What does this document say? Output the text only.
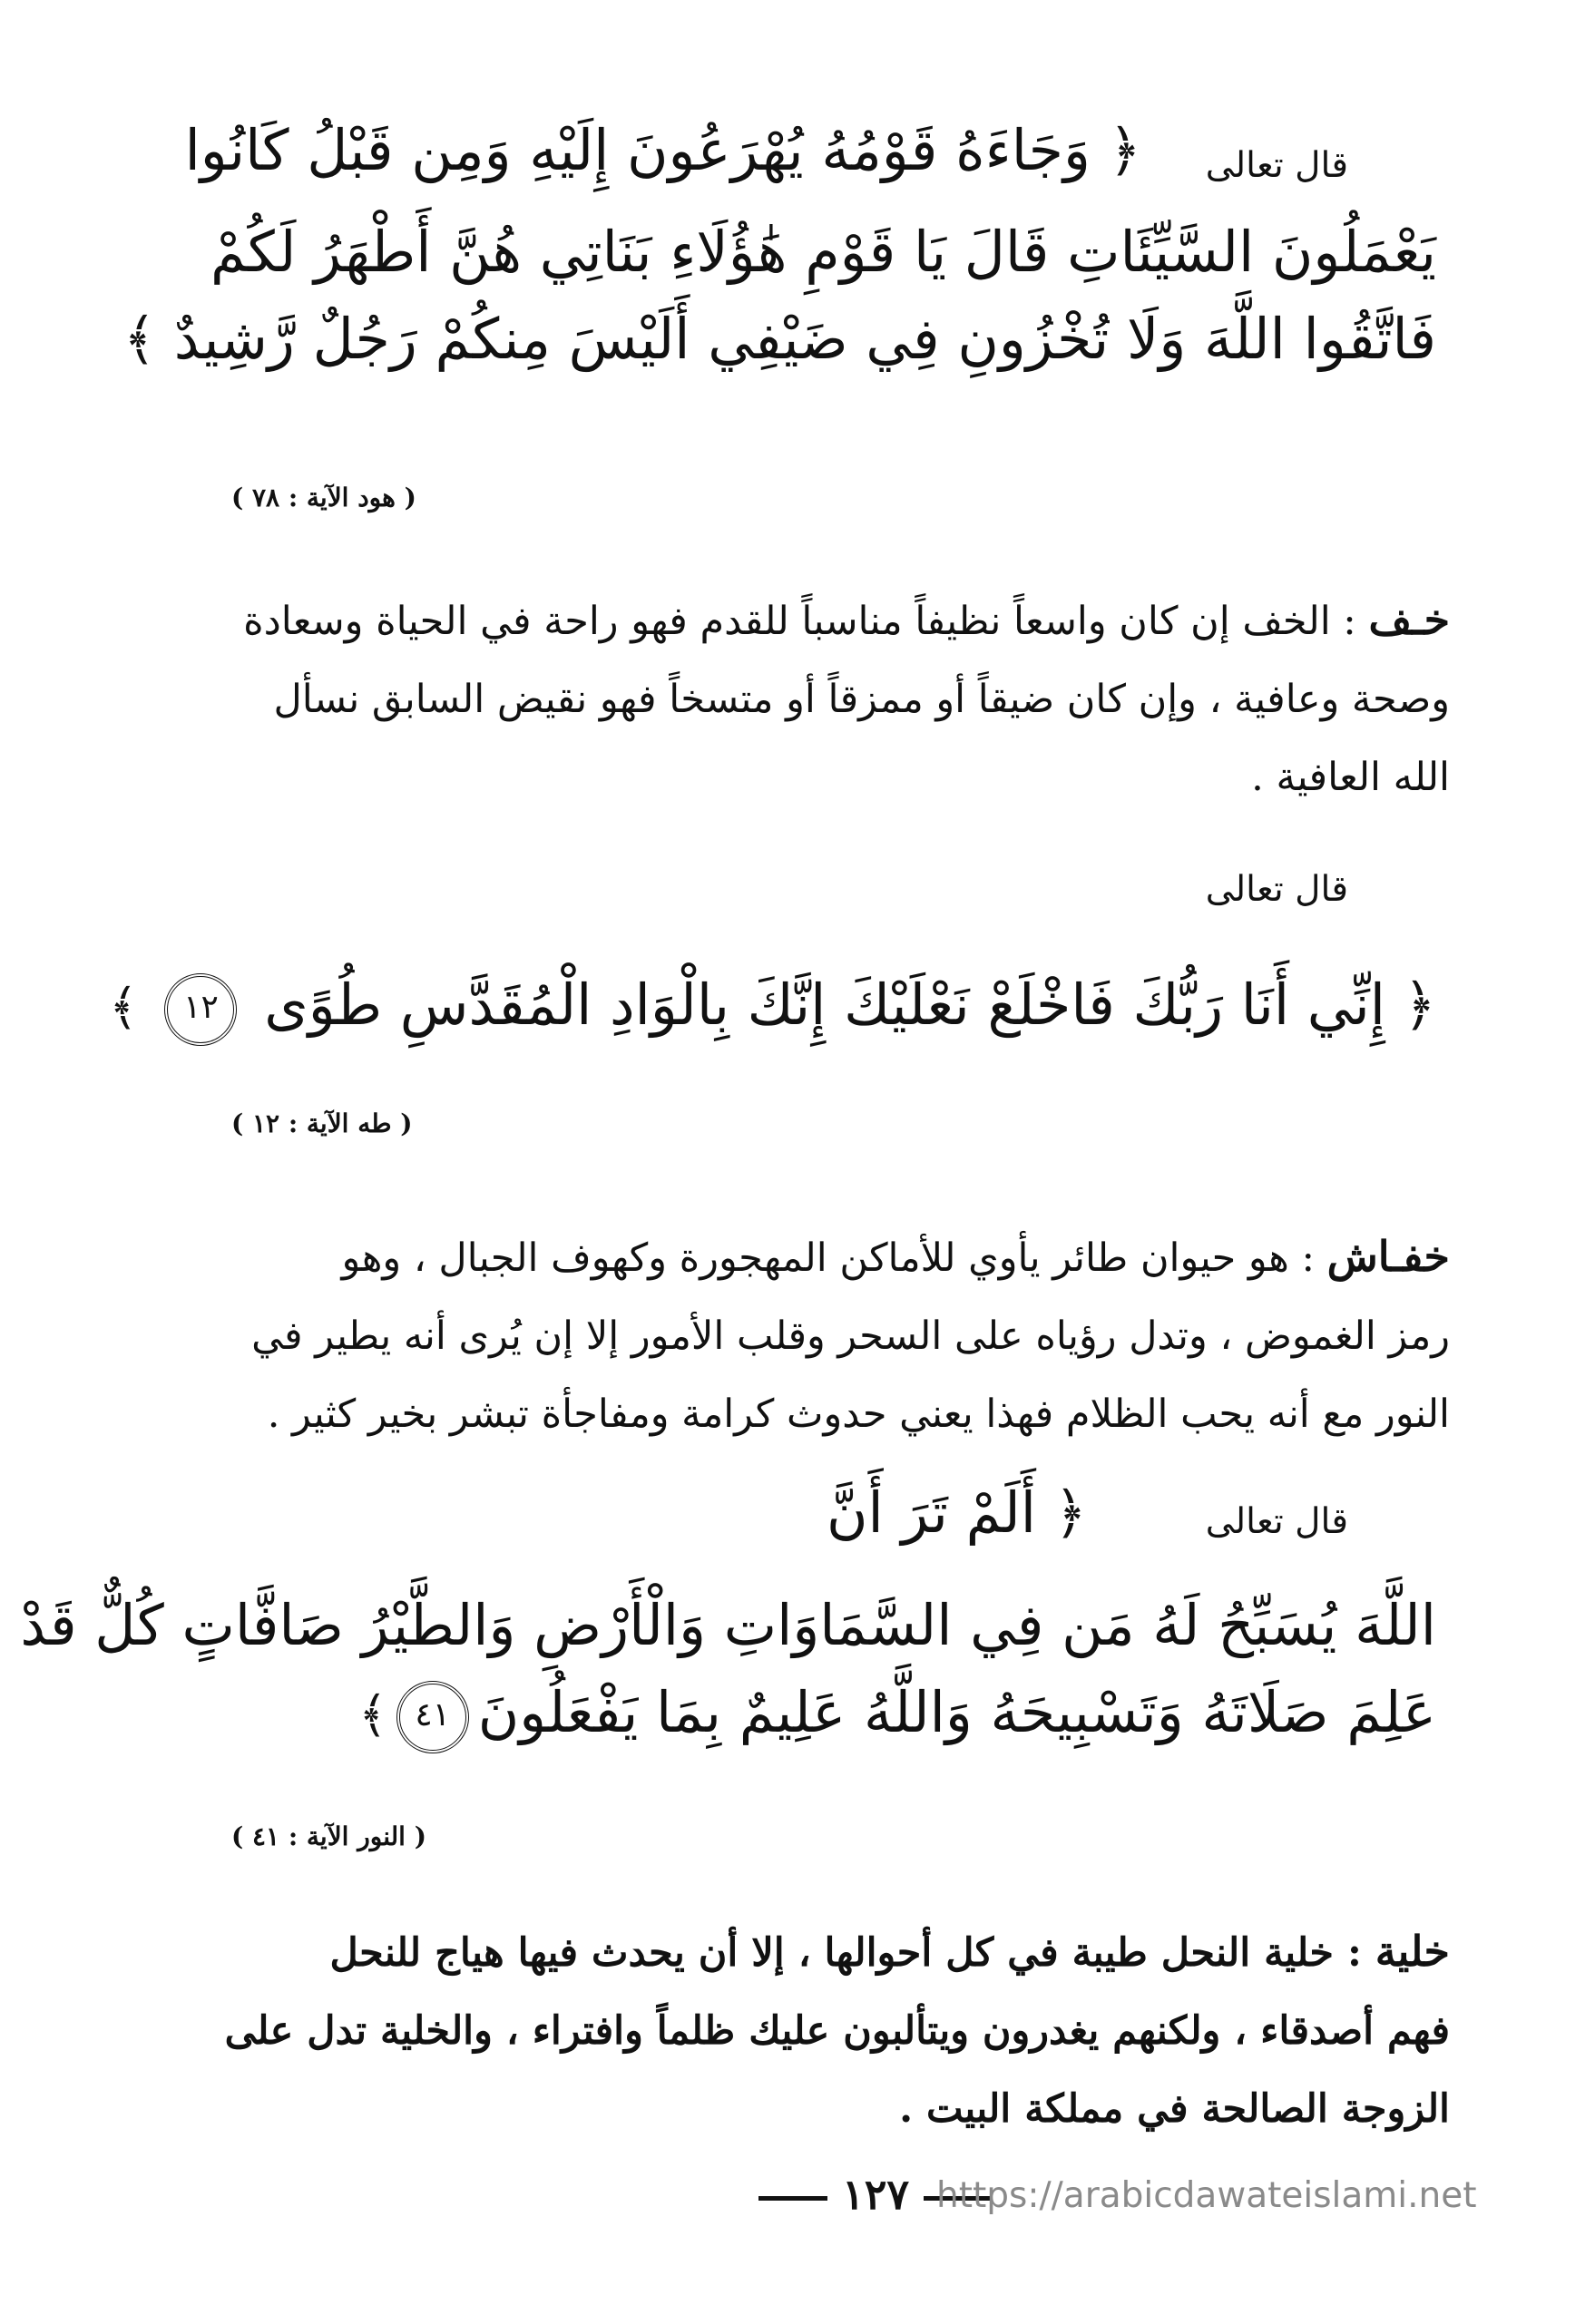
قال تعالى
﴿ وَجَاءَهُ قَوْمُهُ يُهْرَعُونَ إِلَيْهِ وَمِن قَبْلُ كَانُوا
يَعْمَلُونَ السَّيِّئَاتِ قَالَ يَا قَوْمِ هَٰؤُلَاءِ بَنَاتِي هُنَّ أَطْهَرُ لَكُمْ
فَاتَّقُوا اللَّهَ وَلَا تُخْزُونِ فِي ضَيْفِي أَلَيْسَ مِنكُمْ رَجُلٌ رَّشِيدٌ ﴾
( هود الآية : ٧٨ )
خـف : الخف إن كان واسعاً نظيفاً مناسباً للقدم فهو راحة في الحياة وسعادة
وصحة وعافية ، وإن كان ضيقاً أو ممزقاً أو متسخاً فهو نقيض السابق نسأل
الله العافية .
قال تعالى
﴿ إِنِّي أَنَا رَبُّكَ فَاخْلَعْ نَعْلَيْكَ إِنَّكَ بِالْوَادِ الْمُقَدَّسِ طُوًى ١٢ ﴾
( طه الآية : ١٢ )
خفـاش : هو حيوان طائر يأوي للأماكن المهجورة وكهوف الجبال ، وهو
رمز الغموض ، وتدل رؤياه على السحر وقلب الأمور إلا إن يُرى أنه يطير في
النور مع أنه يحب الظلام فهذا يعني حدوث كرامة ومفاجأة تبشر بخير كثير .
قال تعالى
﴿ أَلَمْ تَرَ أَنَّ
اللَّهَ يُسَبِّحُ لَهُ مَن فِي السَّمَاوَاتِ وَالْأَرْضِ وَالطَّيْرُ صَافَّاتٍ كُلٌّ قَدْ
عَلِمَ صَلَاتَهُ وَتَسْبِيحَهُ وَاللَّهُ عَلِيمٌ بِمَا يَفْعَلُونَ٤١﴾
( النور الآية : ٤١ )
خلية : خلية النحل طيبة في كل أحوالها ، إلا أن يحدث فيها هياج للنحل
فهم أصدقاء ، ولكنهم يغدرون ويتألبون عليك ظلماً وافتراء ، والخلية تدل على
الزوجة الصالحة في مملكة البيت .
١٢٧ https://arabicdawateislami.net
